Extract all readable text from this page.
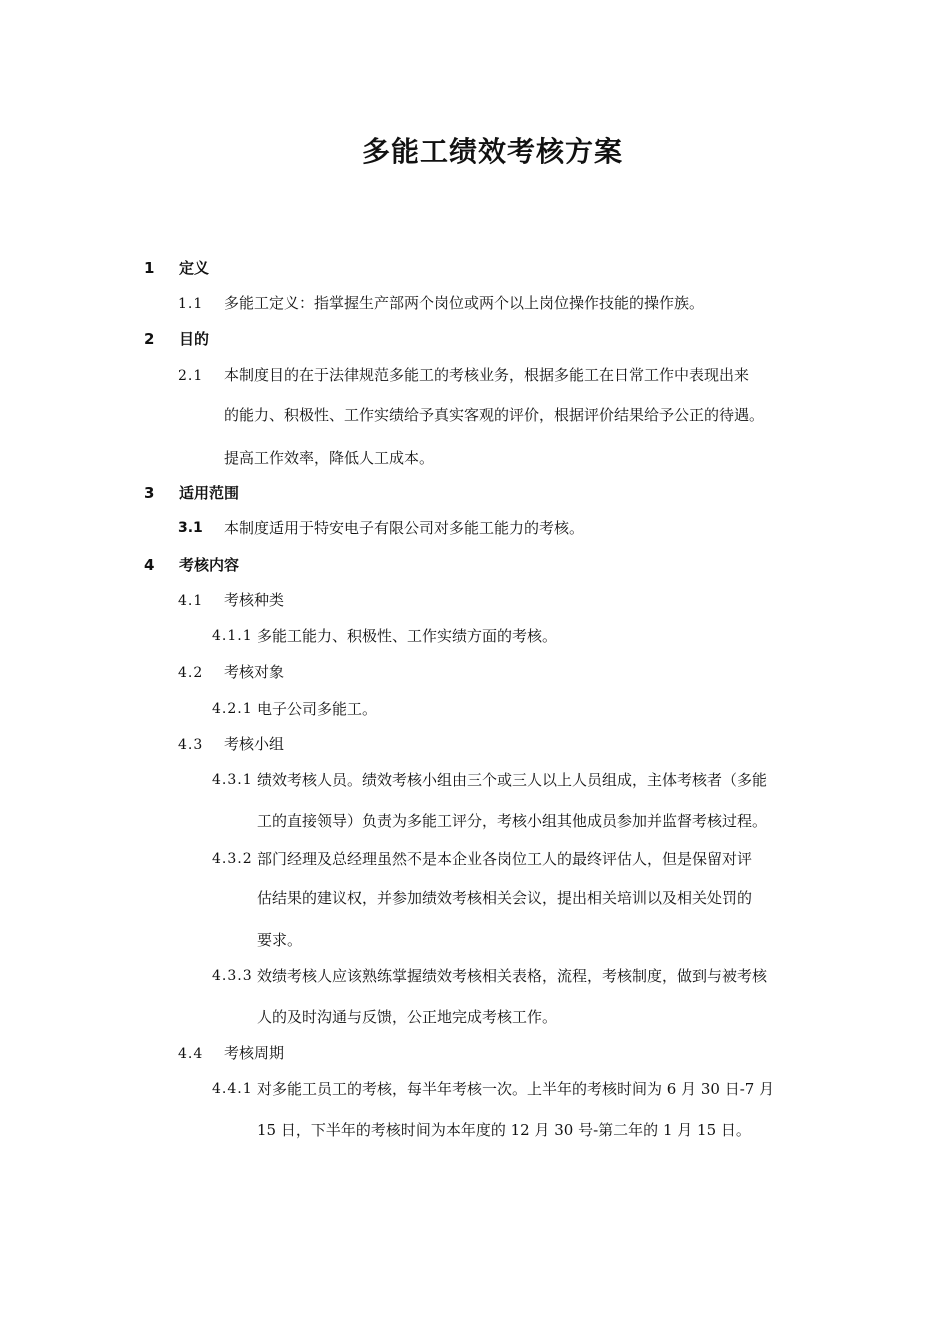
多能工绩效考核方案
1 定义
1.1 多能工定义：指掌握生产部两个岗位或两个以上岗位操作技能的操作族。
2 目的
2.1 本制度目的在于法律规范多能工的考核业务，根据多能工在日常工作中表现出来
的能力、积极性、工作实绩给予真实客观的评价，根据评价结果给予公正的待遇。
提高工作效率，降低人工成本。
3 适用范围
3.1 本制度适用于特安电子有限公司对多能工能力的考核。
4 考核内容
4.1 考核种类
4.1.1 多能工能力、积极性、工作实绩方面的考核。
4.2 考核对象
4.2.1 电子公司多能工。
4.3 考核小组
4.3.1 绩效考核人员。绩效考核小组由三个或三人以上人员组成，主体考核者（多能
工的直接领导）负责为多能工评分，考核小组其他成员参加并监督考核过程。
4.3.2 部门经理及总经理虽然不是本企业各岗位工人的最终评估人，但是保留对评
估结果的建议权，并参加绩效考核相关会议，提出相关培训以及相关处罚的
要求。
4.3.3 效绩考核人应该熟练掌握绩效考核相关表格，流程，考核制度，做到与被考核
人的及时沟通与反馈，公正地完成考核工作。
4.4 考核周期
4.4.1 对多能工员工的考核，每半年考核一次。上半年的考核时间为 6 月 30 日-7 月
15 日，下半年的考核时间为本年度的 12 月 30 号-第二年的 1 月 15 日。
